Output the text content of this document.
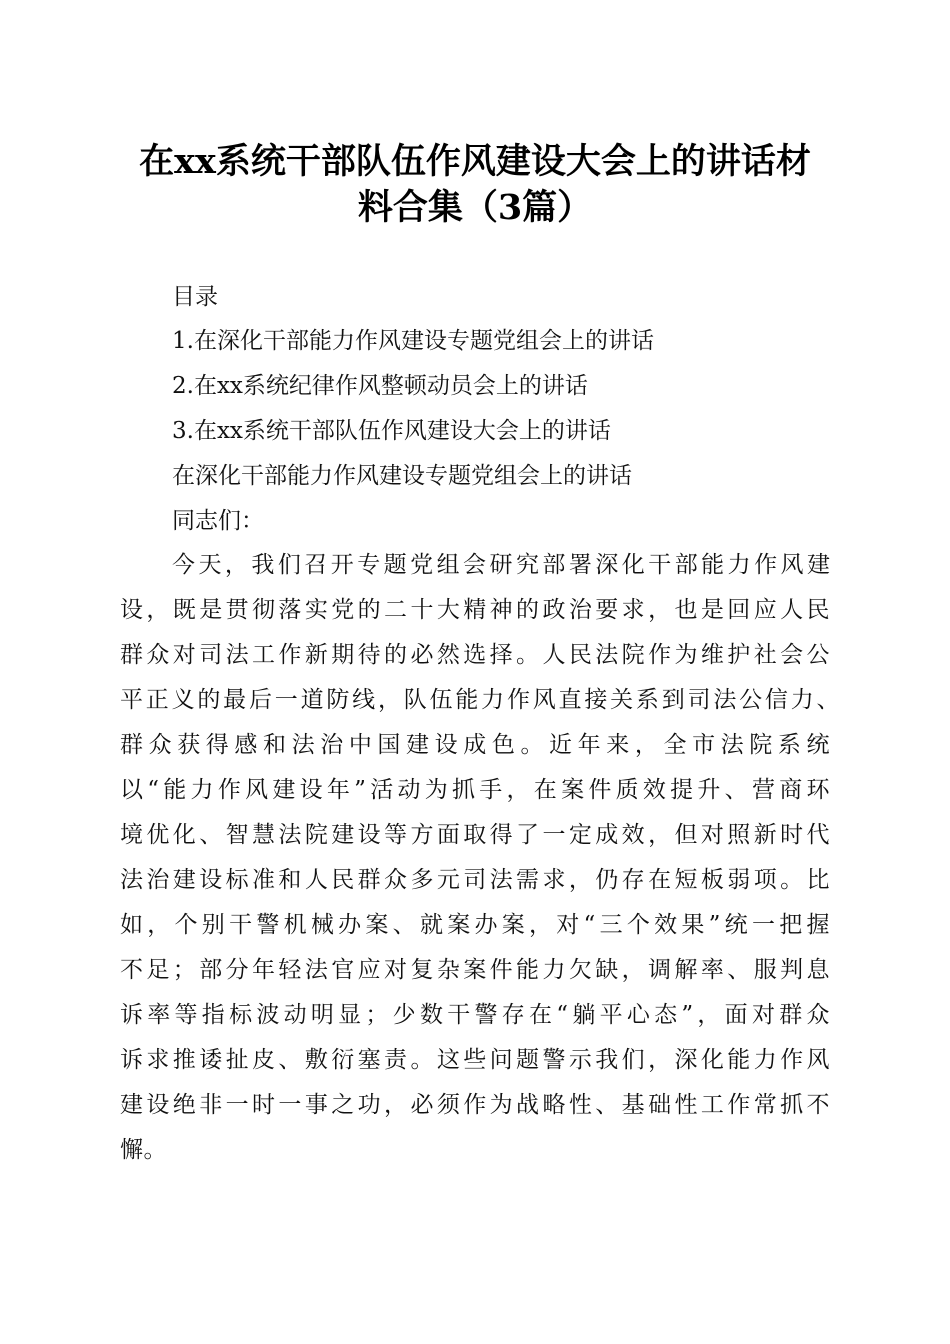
在xx系统干部队伍作风建设大会上的讲话材
料合集（3篇）
目录
1.在深化干部能力作风建设专题党组会上的讲话
2.在xx系统纪律作风整顿动员会上的讲话
3.在xx系统干部队伍作风建设大会上的讲话
在深化干部能力作风建设专题党组会上的讲话
同志们：
今天，我们召开专题党组会研究部署深化干部能力作风建
设，既是贯彻落实党的二十大精神的政治要求，也是回应人民
群众对司法工作新期待的必然选择。人民法院作为维护社会公
平正义的最后一道防线，队伍能力作风直接关系到司法公信力、
群众获得感和法治中国建设成色。近年来，全市法院系统
以“能力作风建设年”活动为抓手，在案件质效提升、营商环
境优化、智慧法院建设等方面取得了一定成效，但对照新时代
法治建设标准和人民群众多元司法需求，仍存在短板弱项。比
如，个别干警机械办案、就案办案，对“三个效果”统一把握
不足；部分年轻法官应对复杂案件能力欠缺，调解率、服判息
诉率等指标波动明显；少数干警存在“躺平心态”，面对群众
诉求推诿扯皮、敷衍塞责。这些问题警示我们，深化能力作风
建设绝非一时一事之功，必须作为战略性、基础性工作常抓不
懈。
